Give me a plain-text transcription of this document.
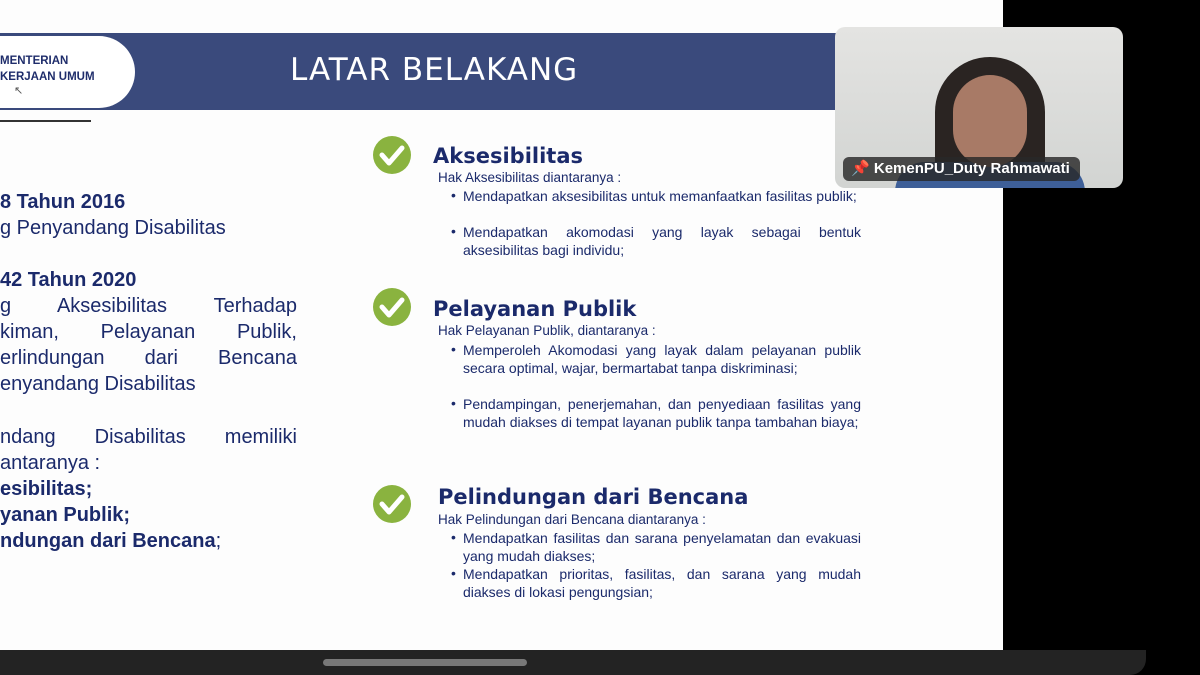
MENTERIAN
KERJAAN UMUM
↖
LATAR BELAKANG
8 Tahun 2016
g Penyandang Disabilitas
42 Tahun 2020
g Aksesibilitas Terhadap
kiman, Pelayanan Publik,
erlindungan dari Bencana
enyandang Disabilitas
ndang Disabilitas memiliki
antaranya :
esibilitas;
yanan Publik;
ndungan dari Bencana;
Aksesibilitas
Hak Aksesibilitas diantaranya :
• Mendapatkan aksesibilitas untuk memanfaatkan fasilitas publik;
• Mendapatkan akomodasi yang layak sebagai bentuk aksesibilitas bagi individu;
Pelayanan Publik
Hak Pelayanan Publik, diantaranya :
• Memperoleh Akomodasi yang layak dalam pelayanan publik secara optimal, wajar, bermartabat tanpa diskriminasi;
• Pendampingan, penerjemahan, dan penyediaan fasilitas yang mudah diakses di tempat layanan publik tanpa tambahan biaya;
Pelindungan dari Bencana
Hak Pelindungan dari Bencana diantaranya :
• Mendapatkan fasilitas dan sarana penyelamatan dan evakuasi yang mudah diakses;
• Mendapatkan prioritas, fasilitas, dan sarana yang mudah diakses di lokasi pengungsian;
📌 KemenPU_Duty Rahmawati
